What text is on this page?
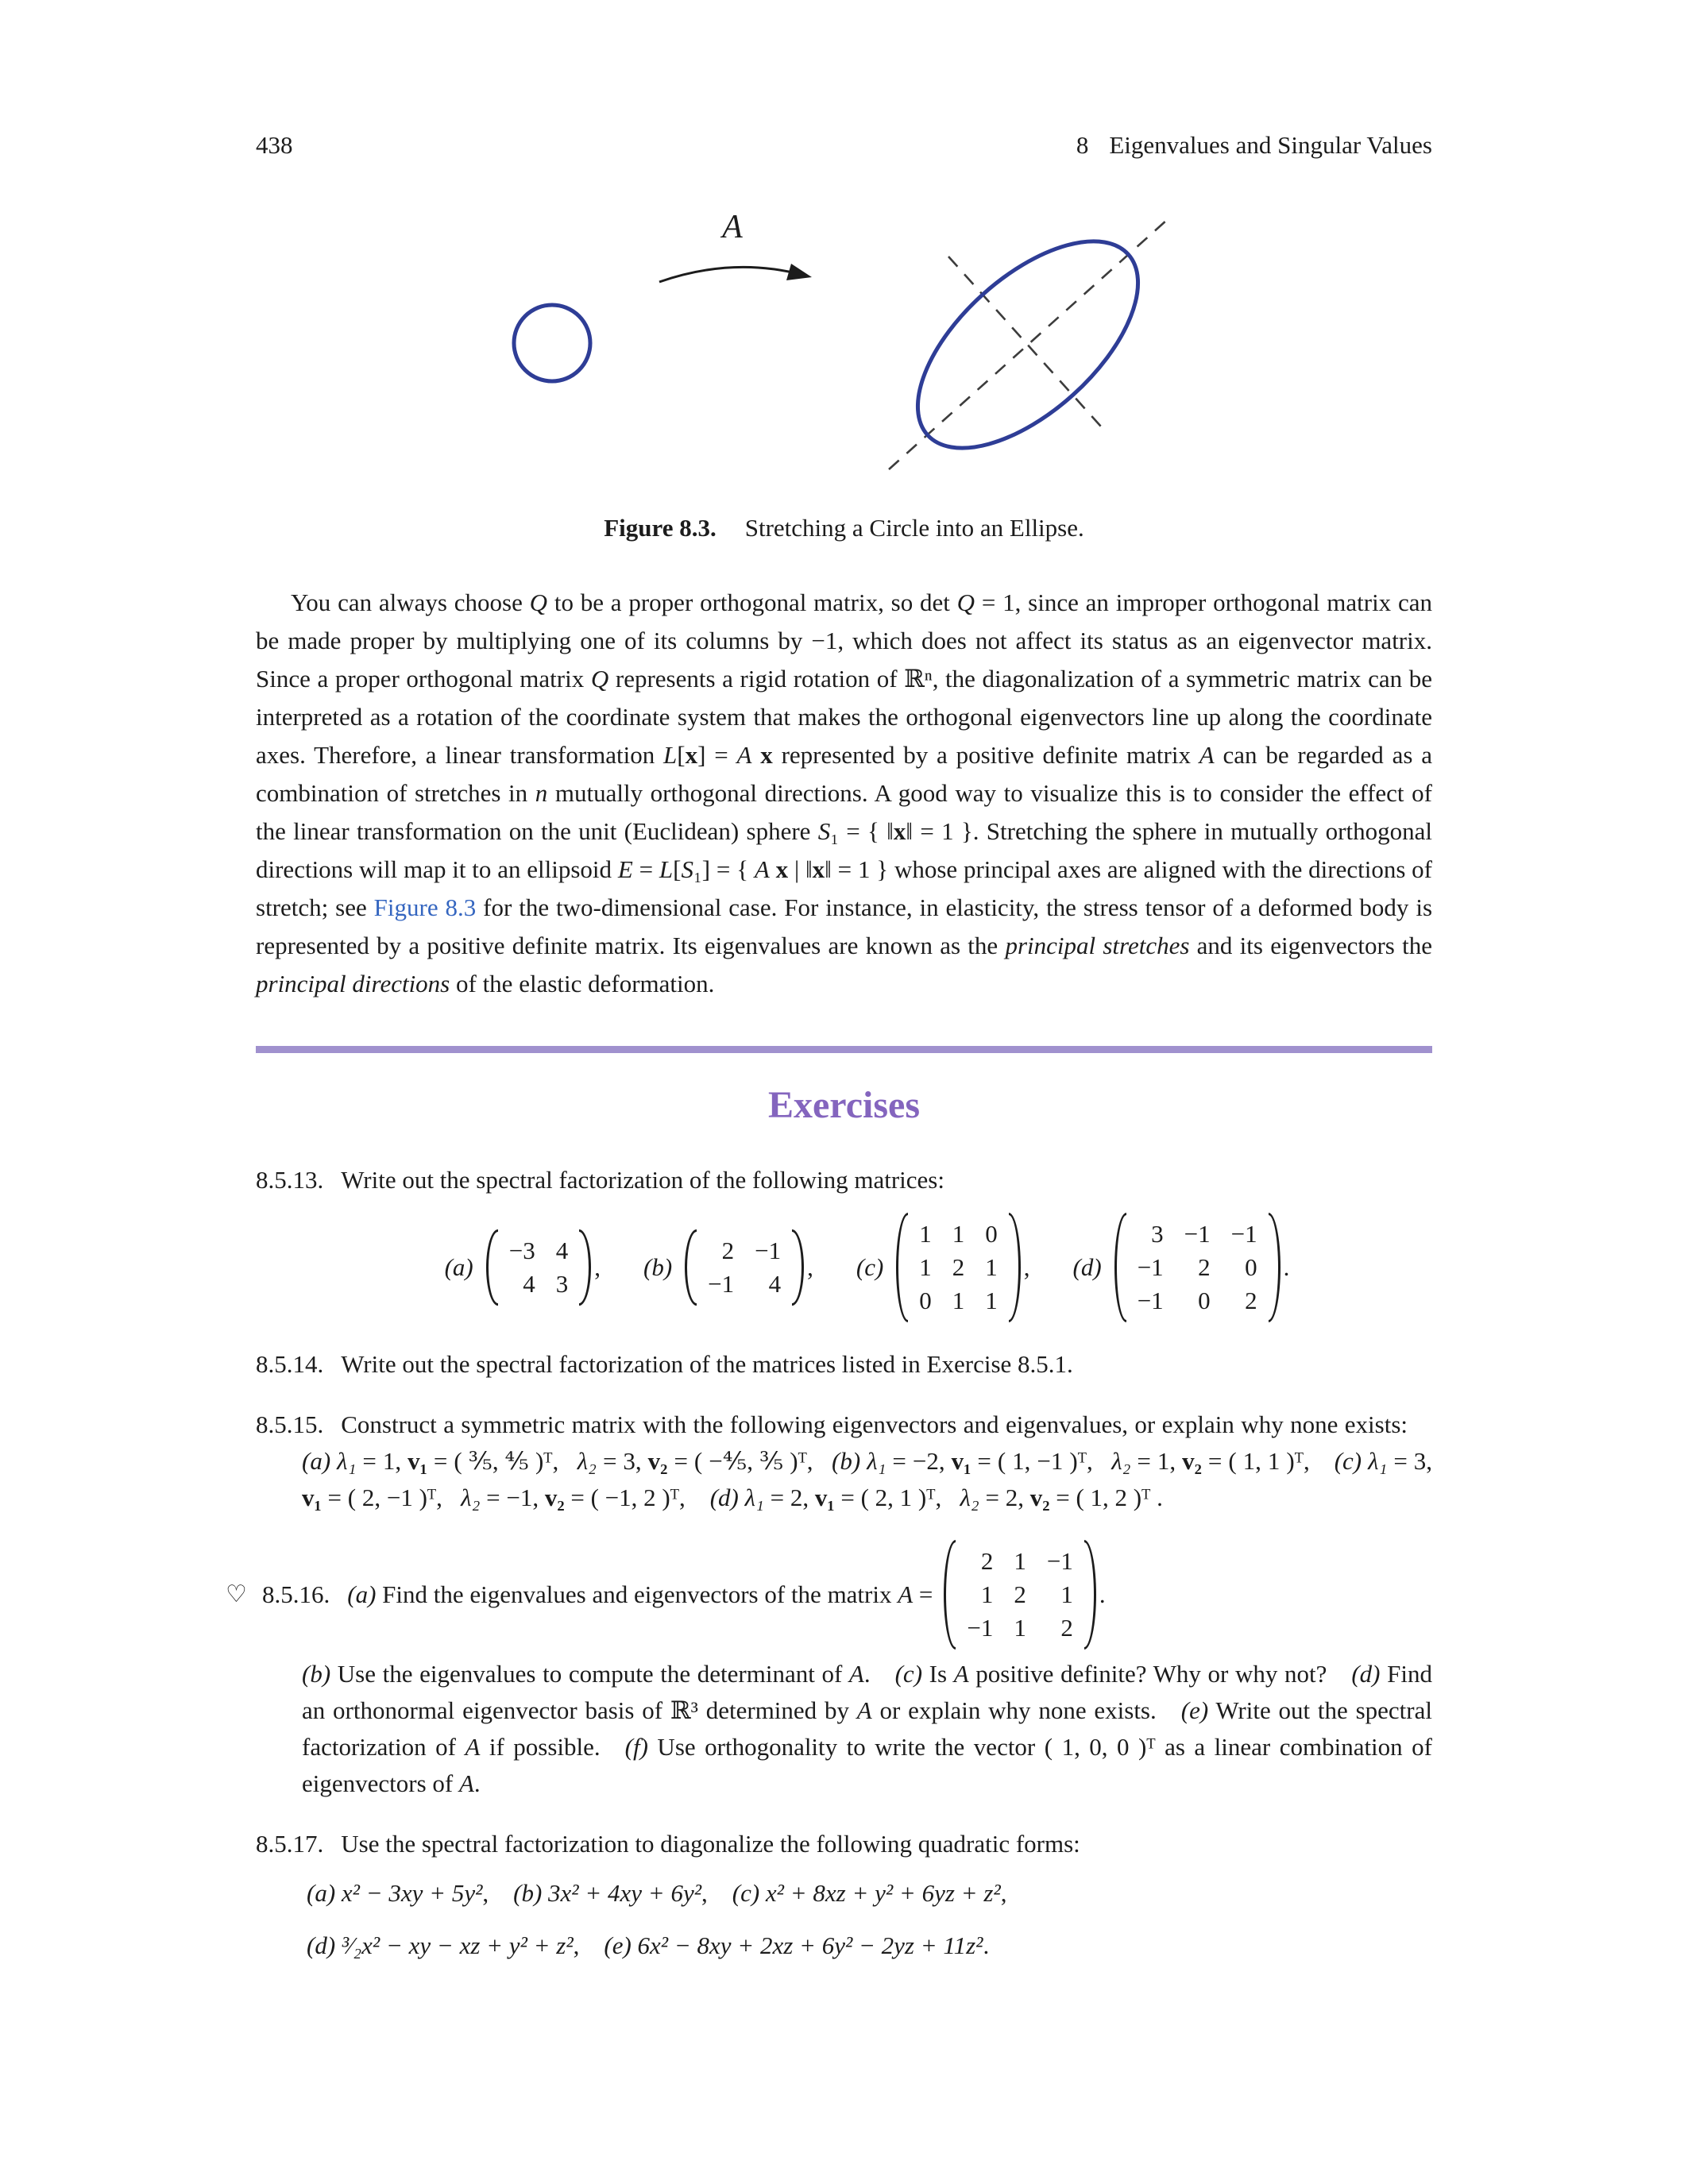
438	8 Eigenvalues and Singular Values
A
Figure 8.3. Stretching a Circle into an Ellipse.

You can always choose Q to be a proper orthogonal matrix, so det Q = 1, since an improper orthogonal matrix can be made proper by multiplying one of its columns by −1, which does not affect its status as an eigenvector matrix. Since a proper orthogonal matrix Q represents a rigid rotation of ℝⁿ, the diagonalization of a symmetric matrix can be interpreted as a rotation of the coordinate system that makes the orthogonal eigenvectors line up along the coordinate axes. Therefore, a linear transformation L[x] = A x represented by a positive definite matrix A can be regarded as a combination of stretches in n mutually orthogonal directions. A good way to visualize this is to consider the effect of the linear transformation on the unit (Euclidean) sphere S₁ = { ‖x‖ = 1 }. Stretching the sphere in mutually orthogonal directions will map it to an ellipsoid E = L[S₁] = { A x | ‖x‖ = 1 } whose principal axes are aligned with the directions of stretch; see Figure 8.3 for the two-dimensional case. For instance, in elasticity, the stress tensor of a deformed body is represented by a positive definite matrix. Its eigenvalues are known as the principal stretches and its eigenvectors the principal directions of the elastic deformation.

Exercises
8.5.13. Write out the spectral factorization of the following matrices:
(a)
−3 4
4 3
, (b)
2 −1
−1	4
, (c)
1 1 0
1 2 1
0 1 1
, (d)
3 −1 −1
−1	2	0
−1	0	2
.
8.5.14. Write out the spectral factorization of the matrices listed in Exercise 8.5.1.
8.5.15. Construct a symmetric matrix with the following eigenvectors and eigenvalues, or explain why none exists: (a) λ₁ = 1, v₁ = ( ⅗, ⅘ )ᵀ,  λ₂ = 3, v₂ = ( −⅘, ⅗ )ᵀ,  (b) λ₁ = −2, v₁ = ( 1, −1 )ᵀ,  λ₂ = 1, v₂ = ( 1, 1 )ᵀ, (c) λ₁ = 3, v₁ = ( 2, −1 )ᵀ,  λ₂ = −1, v₂ = ( −1, 2 )ᵀ, (d) λ₁ = 2, v₁ = ( 2, 1 )ᵀ,  λ₂ = 2, v₂ = ( 1, 2 )ᵀ .
♡ 8.5.16. (a) Find the eigenvalues and eigenvectors of the matrix A =
2 1 −1
1 2	1
−1 1	2
.
(b) Use the eigenvalues to compute the determinant of A. (c) Is A positive definite? Why or why not? (d) Find an orthonormal eigenvector basis of ℝ³ determined by A or explain why none exists. (e) Write out the spectral factorization of A if possible. (f) Use orthogonality to write the vector ( 1, 0, 0 )ᵀ as a linear combination of eigenvectors of A.
8.5.17. Use the spectral factorization to diagonalize the following quadratic forms:
(a) x² − 3xy + 5y², (b) 3x² + 4xy + 6y², (c) x² + 8xz + y² + 6yz + z²,
(d) ³⁄₂x² − xy − xz + y² + z², (e) 6x² − 8xy + 2xz + 6y² − 2yz + 11z².
